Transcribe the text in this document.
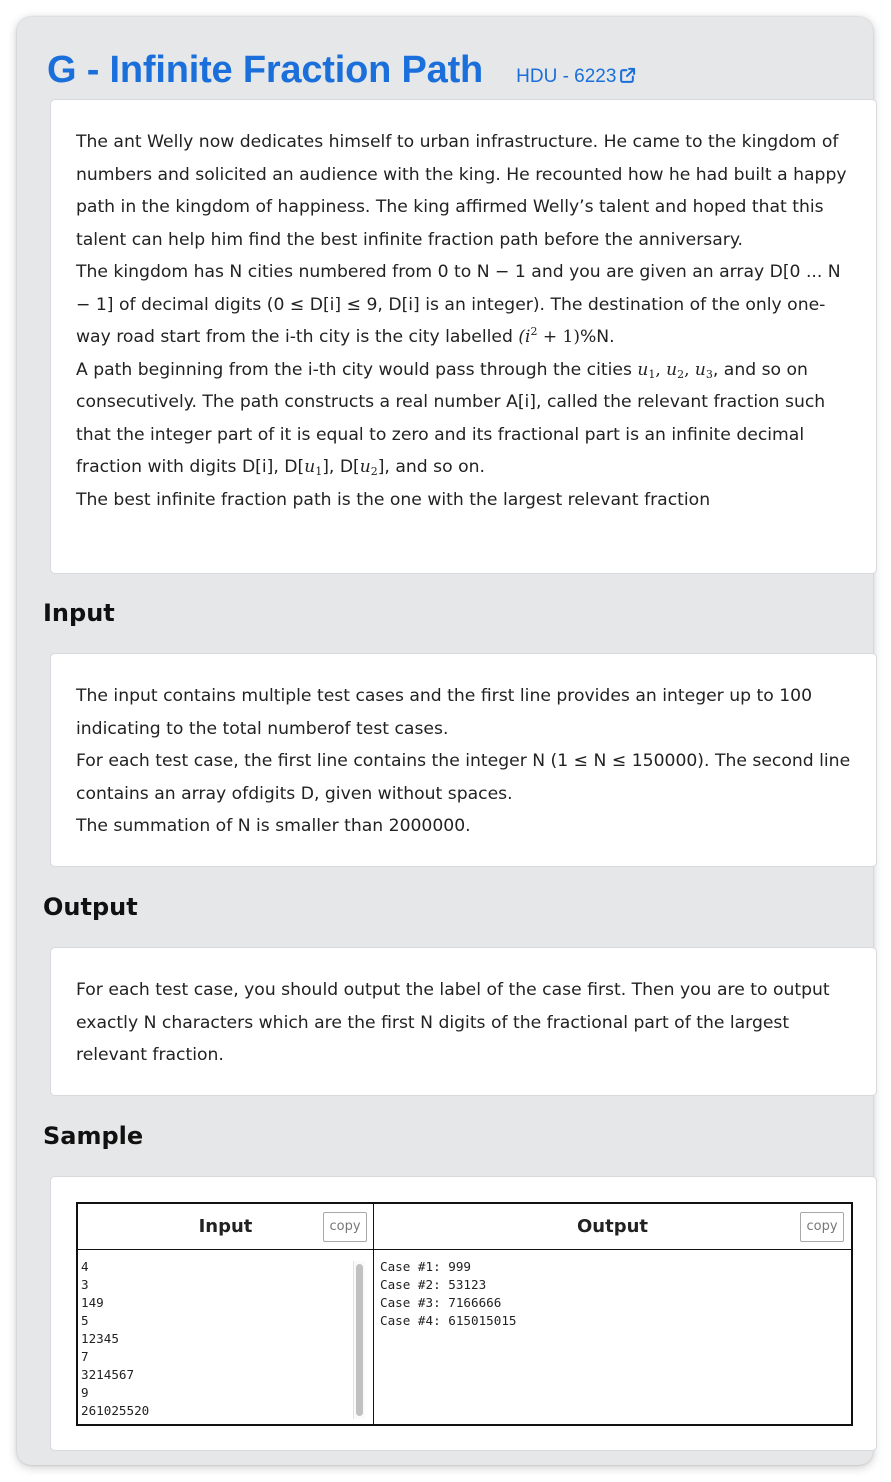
G - Infinite Fraction Path HDU - 6223

The ant Welly now dedicates himself to urban infrastructure. He came to the kingdom of numbers and solicited an audience with the king. He recounted how he had built a happy path in the kingdom of happiness. The king affirmed Welly’s talent and hoped that this talent can help him find the best infinite fraction path before the anniversary.

The kingdom has N cities numbered from 0 to N − 1 and you are given an array D[0 ... N − 1] of decimal digits (0 ≤ D[i] ≤ 9, D[i] is an integer). The destination of the only one-way road start from the i-th city is the city labelled $(i^2 + 1)\%N$.

A path beginning from the i-th city would pass through the cities $u_1$, $u_2$, $u_3$, and so on consecutively. The path constructs a real number A[i], called the relevant fraction such that the integer part of it is equal to zero and its fractional part is an infinite decimal fraction with digits D[i], $D[u_1]$, $D[u_2]$, and so on.

The best infinite fraction path is the one with the largest relevant fraction

Input

The input contains multiple test cases and the first line provides an integer up to 100 indicating to the total numberof test cases.

For each test case, the first line contains the integer N (1 ≤ N ≤ 150000). The second line contains an array ofdigits D, given without spaces.

The summation of N is smaller than 2000000.

Output

For each test case, you should output the label of the case first. Then you are to output exactly N characters which are the first N digits of the fractional part of the largest relevant fraction.

Sample
Input	copy
4
3
149
5
12345
7
3214567
9
261025520
Output	copy
Case #1: 999
Case #2: 53123
Case #3: 7166666
Case #4: 615015015
